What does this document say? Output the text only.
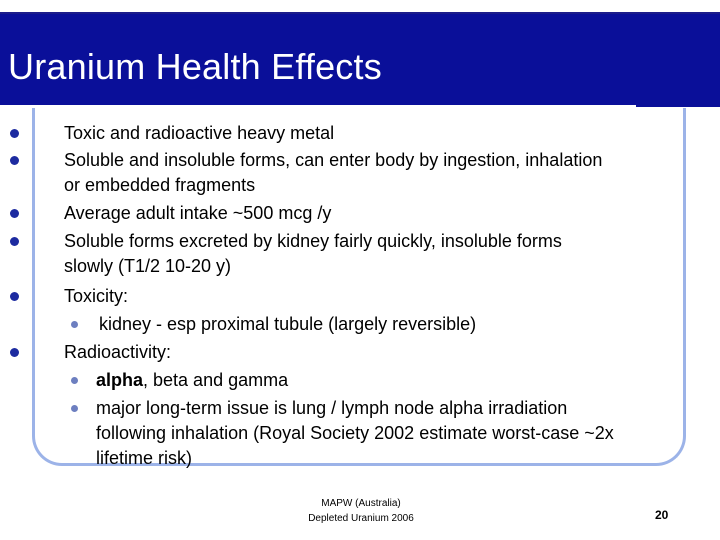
Uranium Health Effects
Toxic and radioactive heavy metal
Soluble and insoluble forms, can enter body by ingestion, inhalation
or embedded fragments
Average adult intake ~500 mcg /y
Soluble forms excreted by kidney fairly quickly, insoluble forms
slowly (T1/2 10-20 y)
Toxicity:
kidney - esp proximal tubule (largely reversible)
Radioactivity:
alpha, beta and gamma
major long-term issue is lung / lymph node alpha irradiation
following inhalation (Royal Society 2002 estimate worst-case ~2x
lifetime risk)
MAPW (Australia)
Depleted Uranium 2006	20
